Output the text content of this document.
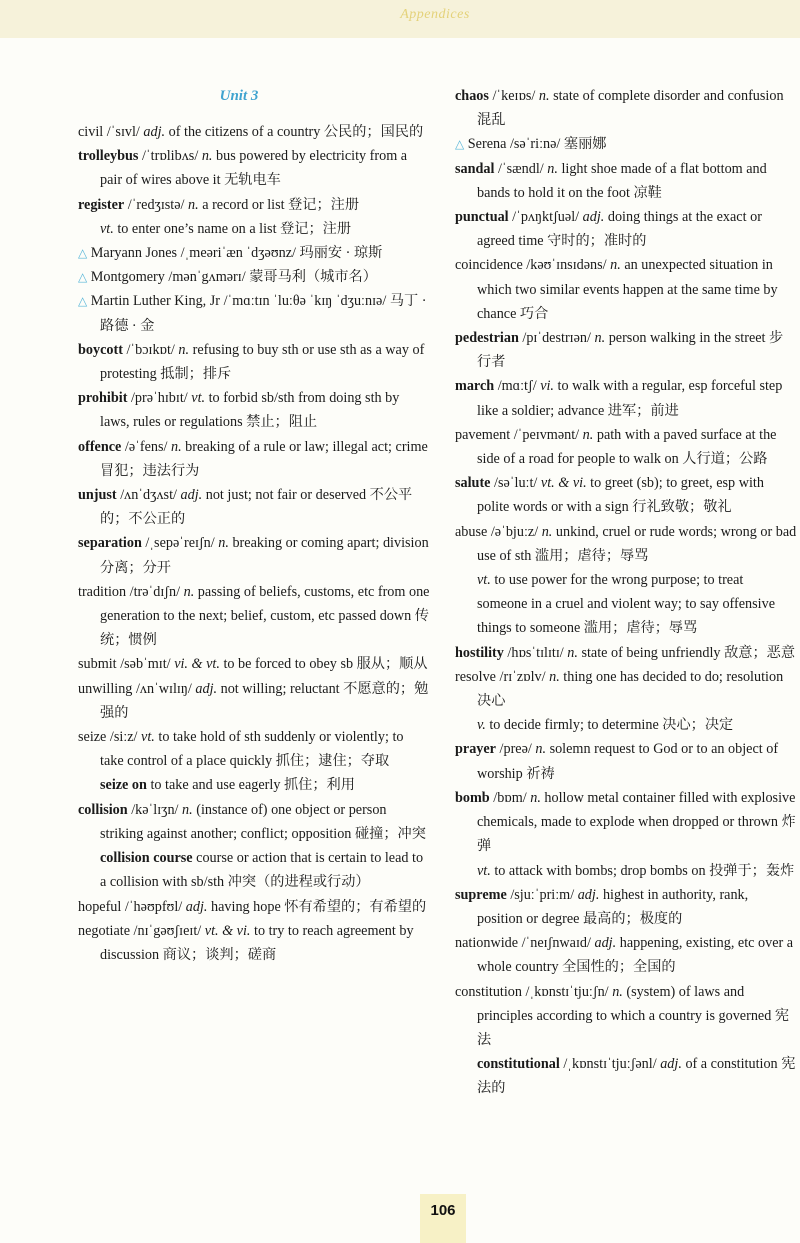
Appendices
Unit 3
civil /ˈsɪvl/ adj. of the citizens of a country 公民的；国民的
trolleybus /ˈtrɒlibʌs/ n. bus powered by electricity from a pair of wires above it 无轨电车
register /ˈredʒɪstə/ n. a record or list 登记；注册
vt. to enter one’s name on a list 登记；注册
△ Maryann Jones /ˌmeəriˈæn ˈdʒəʊnz/ 玛丽安 · 琼斯
△ Montgomery /mənˈgʌmərɪ/ 蒙哥马利（城市名）
△ Martin Luther King, Jr /ˈmɑːtɪn ˈluːθə ˈkɪŋ ˈdʒuːnɪə/ 马丁 · 路德 · 金
boycott /ˈbɔɪkɒt/ n. refusing to buy sth or use sth as a way of protesting 抵制；排斥
prohibit /prəˈhɪbɪt/ vt. to forbid sb/sth from doing sth by laws, rules or regulations 禁止；阻止
offence /əˈfens/ n. breaking of a rule or law; illegal act; crime 冒犯；违法行为
unjust /ʌnˈdʒʌst/ adj. not just; not fair or deserved 不公平的；不公正的
separation /ˌsepəˈreɪʃn/ n. breaking or coming apart; division 分离；分开
tradition /trəˈdɪʃn/ n. passing of beliefs, customs, etc from one generation to the next; belief, custom, etc passed down 传统；惯例
submit /səbˈmɪt/ vi. & vt. to be forced to obey sb 服从；顺从
unwilling /ʌnˈwɪlɪŋ/ adj. not willing; reluctant 不愿意的；勉强的
seize /siːz/ vt. to take hold of sth suddenly or violently; to take control of a place quickly 抓住；逮住；夺取
seize on to take and use eagerly 抓住；利用
collision /kəˈlɪʒn/ n. (instance of) one object or person striking against another; conflict; opposition 碰撞；冲突
collision course course or action that is certain to lead to a collision with sb/sth 冲突（的进程或行动）
hopeful /ˈhəʊpfʊl/ adj. having hope 怀有希望的；有希望的
negotiate /nɪˈgəʊʃɪeɪt/ vt. & vi. to try to reach agreement by discussion 商议；谈判；磋商
chaos /ˈkeɪɒs/ n. state of complete disorder and confusion 混乱
△ Serena /səˈriːnə/ 塞丽娜
sandal /ˈsændl/ n. light shoe made of a flat bottom and bands to hold it on the foot 凉鞋
punctual /ˈpʌŋktʃuəl/ adj. doing things at the exact or agreed time 守时的；准时的
coincidence /kəʊˈɪnsɪdəns/ n. an unexpected situation in which two similar events happen at the same time by chance 巧合
pedestrian /pɪˈdestrɪən/ n. person walking in the street 步行者
march /mɑːtʃ/ vi. to walk with a regular, esp forceful step like a soldier; advance 进军；前进
pavement /ˈpeɪvmənt/ n. path with a paved surface at the side of a road for people to walk on 人行道；公路
salute /səˈluːt/ vt. & vi. to greet (sb); to greet, esp with polite words or with a sign 行礼致敬；敬礼
abuse /əˈbjuːz/ n. unkind, cruel or rude words; wrong or bad use of sth 滥用；虐待；辱骂
vt. to use power for the wrong purpose; to treat someone in a cruel and violent way; to say offensive things to someone 滥用；虐待；辱骂
hostility /hɒsˈtɪlɪtɪ/ n. state of being unfriendly 敌意；恶意
resolve /rɪˈzɒlv/ n. thing one has decided to do; resolution 决心
v. to decide firmly; to determine 决心；决定
prayer /preə/ n. solemn request to God or to an object of worship 祈祷
bomb /bɒm/ n. hollow metal container filled with explosive chemicals, made to explode when dropped or thrown 炸弹
vt. to attack with bombs; drop bombs on 投弹于；轰炸
supreme /sjuːˈpriːm/ adj. highest in authority, rank, position or degree 最高的；极度的
nationwide /ˈneɪʃnwaɪd/ adj. happening, existing, etc over a whole country 全国性的；全国的
constitution /ˌkɒnstɪˈtjuːʃn/ n. (system) of laws and principles according to which a country is governed 宪法
constitutional /ˌkɒnstɪˈtjuːʃənl/ adj. of a constitution 宪法的
106
